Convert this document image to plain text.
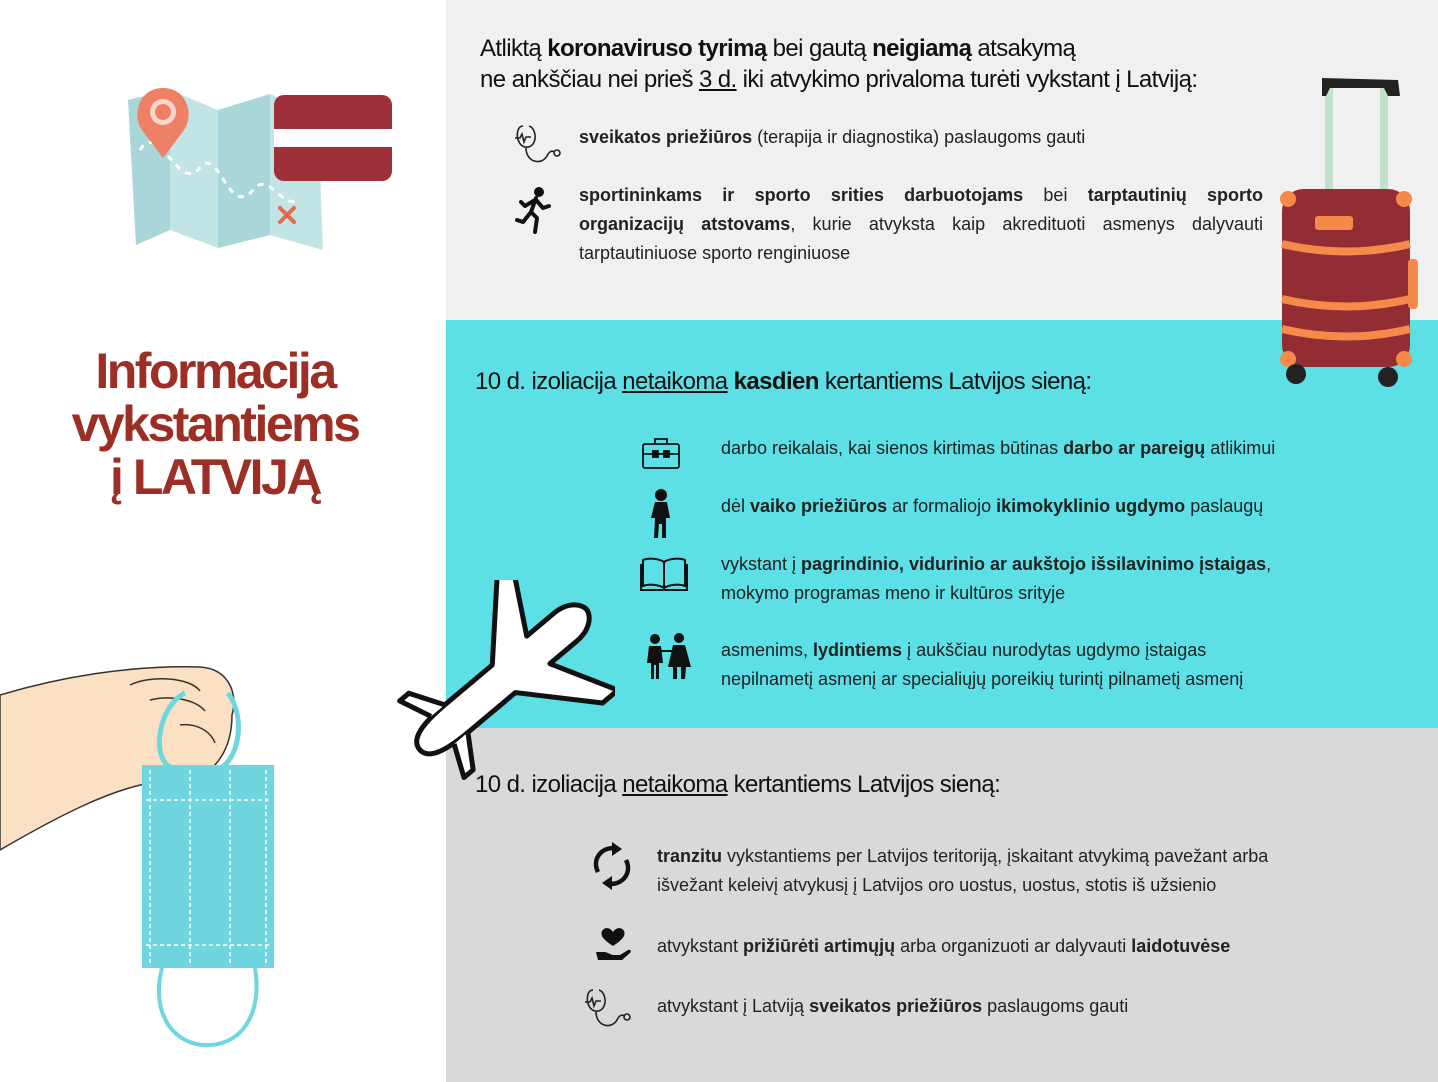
Informacija
vykstantiems
į LATVIJĄ
Atliktą koronaviruso tyrimą bei gautą neigiamą atsakymą
ne ankščiau nei prieš 3 d. iki atvykimo privaloma turėti vykstant į Latviją:
sveikatos priežiūros (terapija ir diagnostika) paslaugoms gauti
sportininkams ir sporto srities darbuotojams bei tarptautinių sporto organizacijų atstovams, kurie atvyksta kaip akredituoti asmenys dalyvauti tarptautiniuose sporto renginiuose
10 d. izoliacija netaikoma kasdien kertantiems Latvijos sieną:
darbo reikalais, kai sienos kirtimas būtinas darbo ar pareigų atlikimui
dėl vaiko priežiūros ar formaliojo ikimokyklinio ugdymo paslaugų
vykstant į pagrindinio, vidurinio ar aukštojo išsilavinimo įstaigas,
mokymo programas meno ir kultūros srityje
asmenims, lydintiems į aukščiau nurodytas ugdymo įstaigas
nepilnametį asmenį ar specialiųjų poreikių turintį pilnametį asmenį
10 d. izoliacija netaikoma kertantiems Latvijos sieną:
tranzitu vykstantiems per Latvijos teritoriją, įskaitant atvykimą pavežant arba
išvežant keleivį atvykusį į Latvijos oro uostus, uostus, stotis iš užsienio
atvykstant prižiūrėti artimųjų arba organizuoti ar dalyvauti laidotuvėse
atvykstant į Latviją sveikatos priežiūros paslaugoms gauti
